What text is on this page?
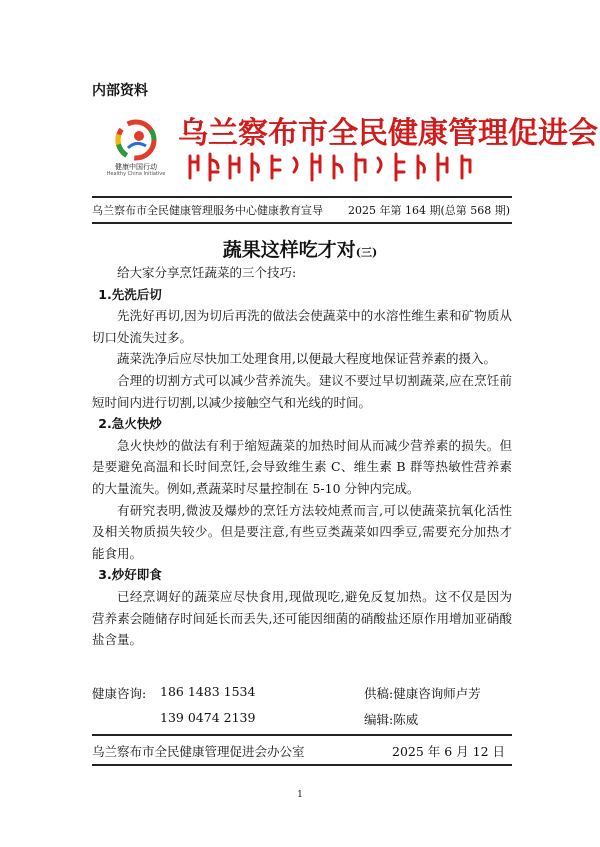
内部资料
健康中国行动
Healthy China Initiative
乌兰察布市全民健康管理促进会
乌兰察布市全民健康管理服务中心健康教育宣导 2025 年第 164 期(总第 568 期)
蔬果这样吃才对(三)

给大家分享烹饪蔬菜的三个技巧:

1.先洗后切

先洗好再切,因为切后再洗的做法会使蔬菜中的水溶性维生素和矿物质从切口处流失过多。

蔬菜洗净后应尽快加工处理食用,以便最大程度地保证营养素的摄入。

合理的切割方式可以减少营养流失。建议不要过早切割蔬菜,应在烹饪前短时间内进行切割,以减少接触空气和光线的时间。

2.急火快炒

急火快炒的做法有利于缩短蔬菜的加热时间从而减少营养素的损失。但是要避免高温和长时间烹饪,会导致维生素 C、维生素 B 群等热敏性营养素的大量流失。例如,煮蔬菜时尽量控制在 5-10 分钟内完成。

有研究表明,微波及爆炒的烹饪方法较炖煮而言,可以使蔬菜抗氧化活性及相关物质损失较少。但是要注意,有些豆类蔬菜如四季豆,需要充分加热才能食用。

3.炒好即食

已经烹调好的蔬菜应尽快食用,现做现吃,避免反复加热。这不仅是因为营养素会随储存时间延长而丢失,还可能因细菌的硝酸盐还原作用增加亚硝酸盐含量。

健康咨询: 186 1483 1534
139 0474 2139
供稿:健康咨询师卢芳
编辑:陈威
乌兰察布市全民健康管理促进会办公室	2025 年 6 月 12 日
1
